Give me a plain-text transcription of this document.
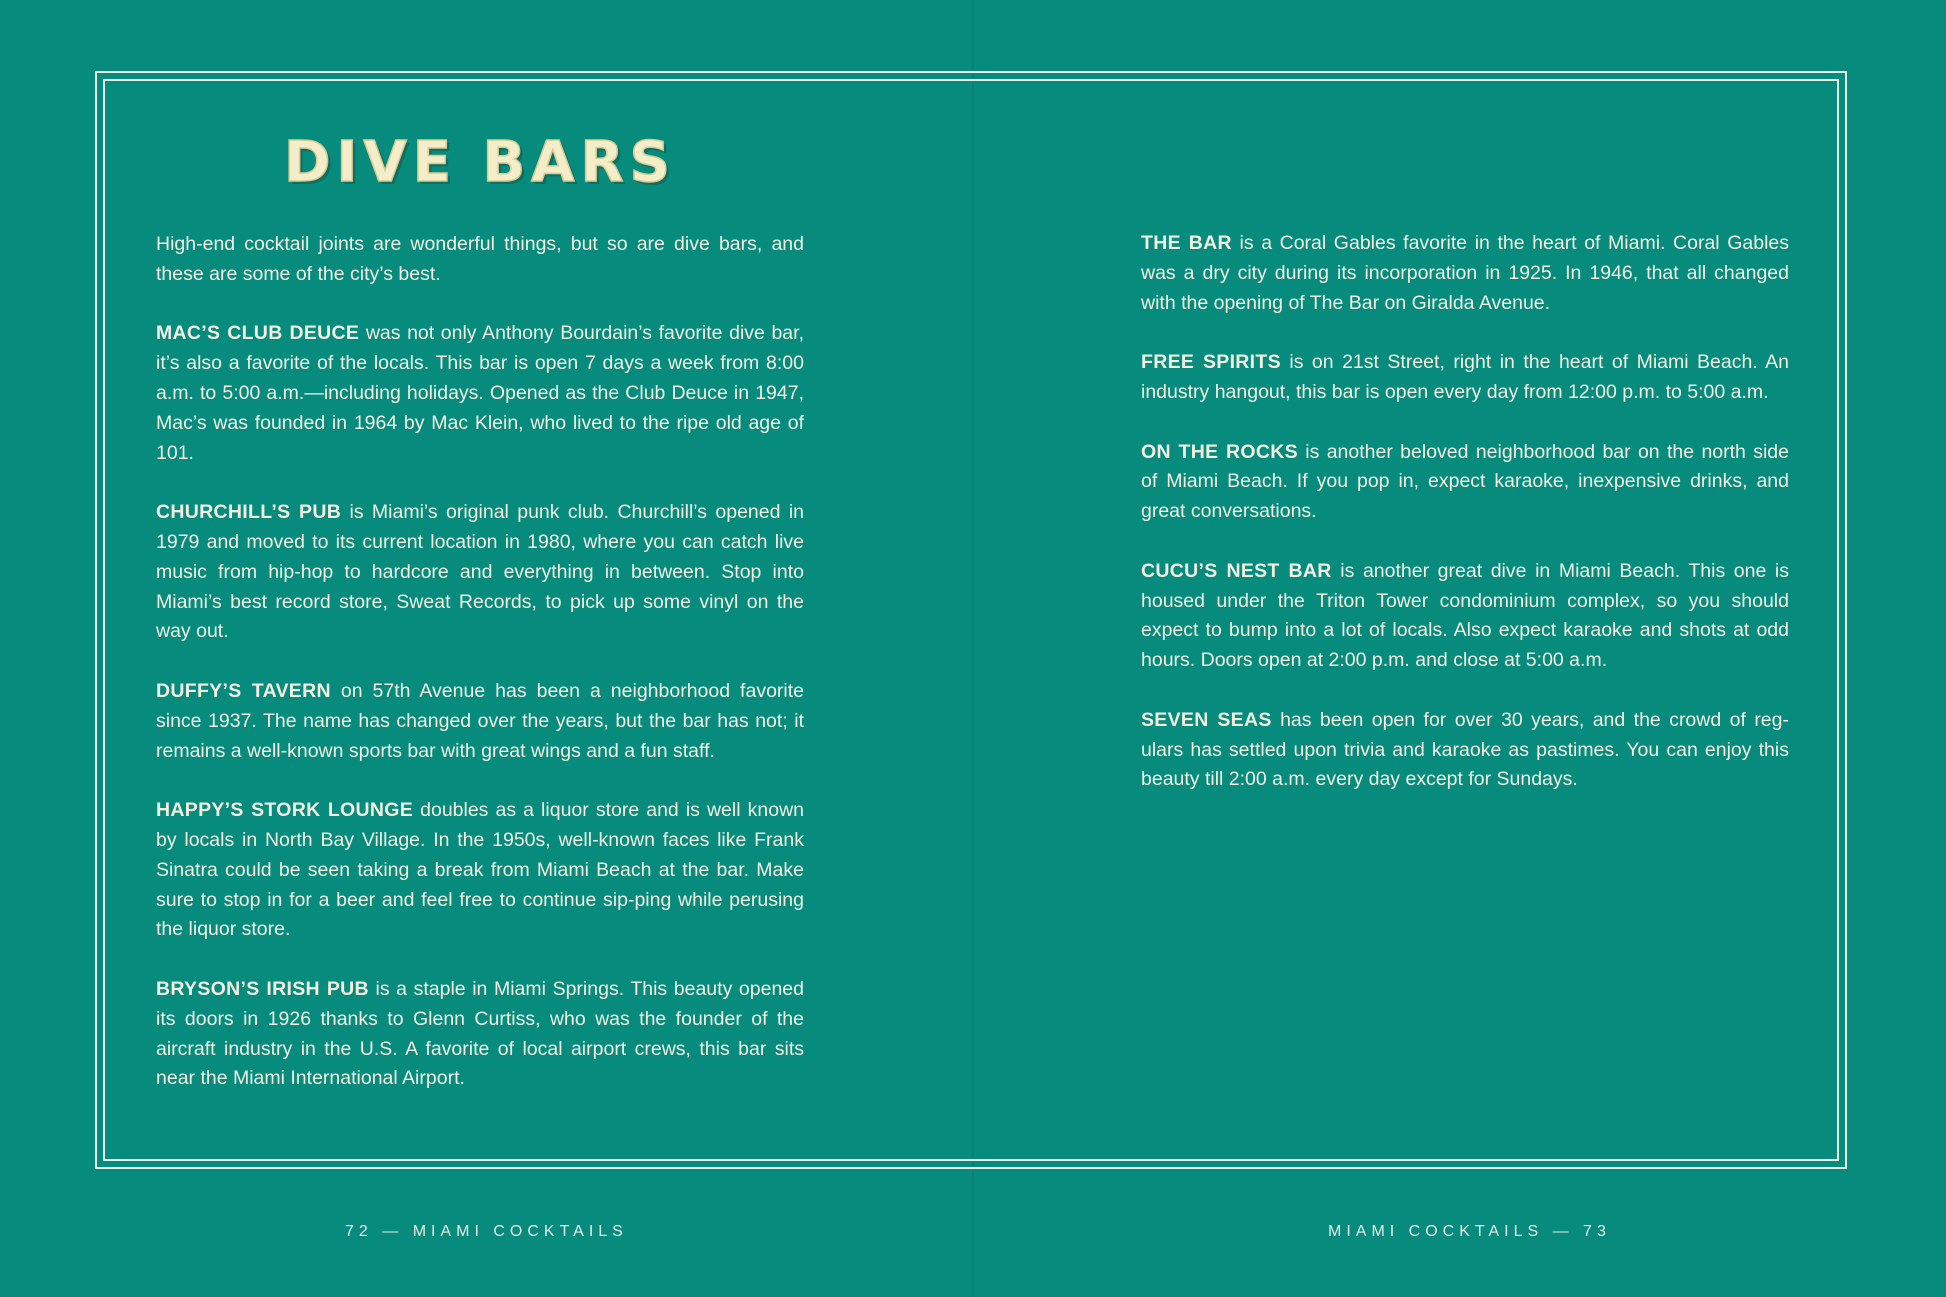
DIVE BARS

High-end cocktail joints are wonderful things, but so are dive bars, and these are some of the city’s best.

MAC’S CLUB DEUCE was not only Anthony Bourdain’s favorite dive bar, it’s also a favorite of the locals. This bar is open 7 days a week from 8:00 a.m. to 5:00 a.m.—including holidays. Opened as the Club Deuce in 1947, Mac’s was founded in 1964 by Mac Klein, who lived to the ripe old age of 101.

CHURCHILL’S PUB is Miami’s original punk club. Churchill’s opened in 1979 and moved to its current location in 1980, where you can catch live music from hip-hop to hardcore and everything in between. Stop into Miami’s best record store, Sweat Records, to pick up some vinyl on the way out.

DUFFY’S TAVERN on 57th Avenue has been a neighborhood favorite since 1937. The name has changed over the years, but the bar has not; it remains a well-known sports bar with great wings and a fun staff.

HAPPY’S STORK LOUNGE doubles as a liquor store and is well known by locals in North Bay Village. In the 1950s, well-known faces like Frank Sinatra could be seen taking a break from Miami Beach at the bar. Make sure to stop in for a beer and feel free to continue sip-ping while perusing the liquor store.

BRYSON’S IRISH PUB is a staple in Miami Springs. This beauty opened its doors in 1926 thanks to Glenn Curtiss, who was the founder of the aircraft industry in the U.S. A favorite of local airport crews, this bar sits near the Miami International Airport.

THE BAR is a Coral Gables favorite in the heart of Miami. Coral Gables was a dry city during its incorporation in 1925. In 1946, that all changed with the opening of The Bar on Giralda Avenue.

FREE SPIRITS is on 21st Street, right in the heart of Miami Beach. An industry hangout, this bar is open every day from 12:00 p.m. to 5:00 a.m.

ON THE ROCKS is another beloved neighborhood bar on the north side of Miami Beach. If you pop in, expect karaoke, inexpensive drinks, and great conversations.

CUCU’S NEST BAR is another great dive in Miami Beach. This one is housed under the Triton Tower condominium complex, so you should expect to bump into a lot of locals. Also expect karaoke and shots at odd hours. Doors open at 2:00 p.m. and close at 5:00 a.m.

SEVEN SEAS has been open for over 30 years, and the crowd of reg-ulars has settled upon trivia and karaoke as pastimes. You can enjoy this beauty till 2:00 a.m. every day except for Sundays.

72 — MIAMI COCKTAILS	MIAMI COCKTAILS — 73
